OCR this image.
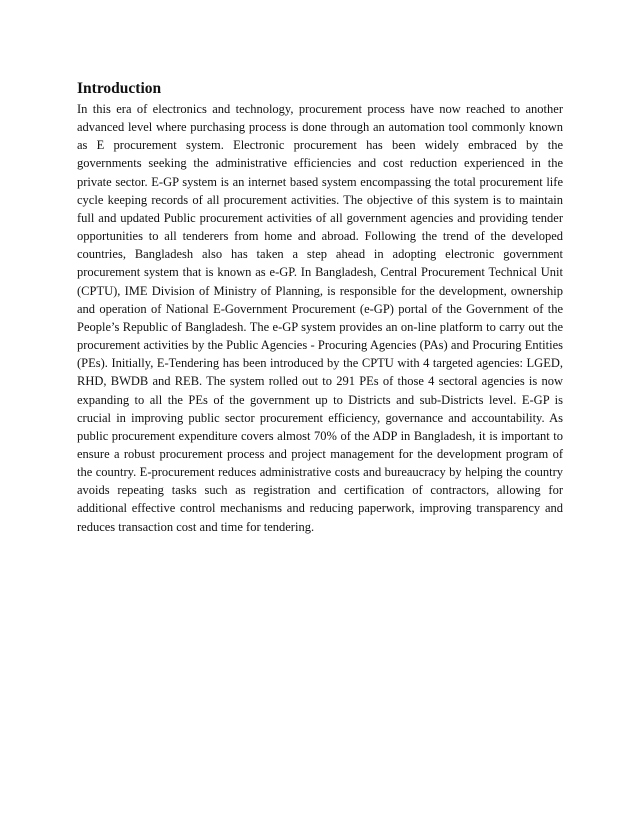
Introduction

In this era of electronics and technology, procurement process have now reached to another advanced level where purchasing process is done through an automation tool commonly known as E procurement system. Electronic procurement has been widely embraced by the governments seeking the administrative efficiencies and cost reduction experienced in the private sector. E-GP system is an internet based system encompassing the total procurement life cycle keeping records of all procurement activities. The objective of this system is to maintain full and updated Public procurement activities of all government agencies and providing tender opportunities to all tenderers from home and abroad. Following the trend of the developed countries, Bangladesh also has taken a step ahead in adopting electronic government procurement system that is known as e-GP. In Bangladesh, Central Procurement Technical Unit (CPTU), IME Division of Ministry of Planning, is responsible for the development, ownership and operation of National E-Government Procurement (e-GP) portal of the Government of the People’s Republic of Bangladesh. The e-GP system provides an on-line platform to carry out the procurement activities by the Public Agencies - Procuring Agencies (PAs) and Procuring Entities (PEs). Initially, E-Tendering has been introduced by the CPTU with 4 targeted agencies: LGED, RHD, BWDB and REB. The system rolled out to 291 PEs of those 4 sectoral agencies is now expanding to all the PEs of the government up to Districts and sub-Districts level. E-GP is crucial in improving public sector procurement efficiency, governance and accountability. As public procurement expenditure covers almost 70% of the ADP in Bangladesh, it is important to ensure a robust procurement process and project management for the development program of the country. E-procurement reduces administrative costs and bureaucracy by helping the country avoids repeating tasks such as registration and certification of contractors, allowing for additional effective control mechanisms and reducing paperwork, improving transparency and reduces transaction cost and time for tendering.
